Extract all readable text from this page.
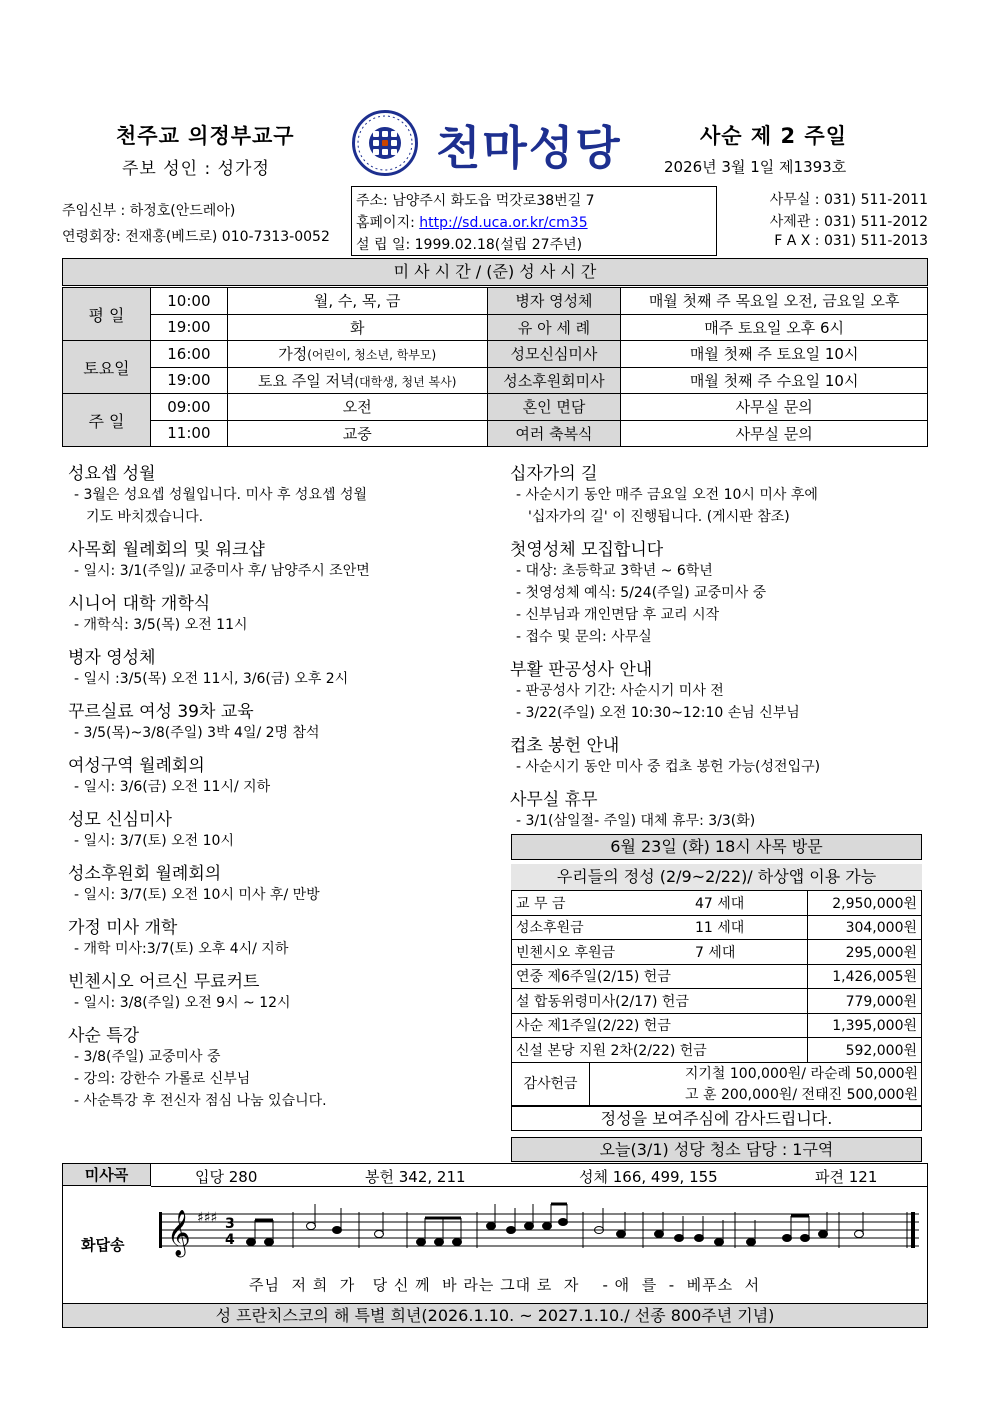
천주교 의정부교구
주보 성인 : 성가정	천마성당	사순 제 2 주일
2026년 3월 1일 제1393호
주임신부 : 하정호(안드레아)
연령회장: 전재홍(베드로) 010-7313-0052
주소: 남양주시 화도읍 먹갓로38번길 7
홈페이지: http://sd.uca.or.kr/cm35
설 립 일: 1999.02.18(설립 27주년)
사무실 : 031) 511-2011
사제관 : 031) 511-2012
F A X : 031) 511-2013
미 사 시 간 / (준) 성 사 시 간
평 일	10:00	월, 수, 목, 금	병자 영성체	매월 첫째 주 목요일 오전, 금요일 오후
	19:00	화	유 아 세 례	매주 토요일 오후 6시
토요일	16:00	가정(어린이, 청소년, 학부모)	성모신심미사	매월 첫째 주 토요일 10시
	19:00	토요 주일 저녁(대학생, 청년 복사)	성소후원회미사	매월 첫째 주 수요일 10시
주 일	09:00	오전	혼인 면담	사무실 문의
	11:00	교중	여러 축복식	사무실 문의
성요셉 성월
- 3월은 성요셉 성월입니다. 미사 후 성요셉 성월
기도 바치겠습니다.
사목회 월례회의 및 워크샵
- 일시: 3/1(주일)/ 교중미사 후/ 남양주시 조안면
시니어 대학 개학식
- 개학식: 3/5(목) 오전 11시
병자 영성체
- 일시 :3/5(목) 오전 11시, 3/6(금) 오후 2시
꾸르실료 여성 39차 교육
- 3/5(목)~3/8(주일) 3박 4일/ 2명 참석
여성구역 월례회의
- 일시: 3/6(금) 오전 11시/ 지하
성모 신심미사
- 일시: 3/7(토) 오전 10시
성소후원회 월례회의
- 일시: 3/7(토) 오전 10시 미사 후/ 만방
가정 미사 개학
- 개학 미사:3/7(토) 오후 4시/ 지하
빈첸시오 어르신 무료커트
- 일시: 3/8(주일) 오전 9시 ~ 12시
사순 특강
- 3/8(주일) 교중미사 중
- 강의: 강한수 가롤로 신부님
- 사순특강 후 전신자 점심 나눔 있습니다.
십자가의 길
- 사순시기 동안 매주 금요일 오전 10시 미사 후에
'십자가의 길' 이 진행됩니다. (게시판 참조)
첫영성체 모집합니다
- 대상: 초등학교 3학년 ~ 6학년
- 첫영성체 예식: 5/24(주일) 교중미사 중
- 신부님과 개인면담 후 교리 시작
- 접수 및 문의: 사무실
부활 판공성사 안내
- 판공성사 기간: 사순시기 미사 전
- 3/22(주일) 오전 10:30~12:10 손님 신부님
컵초 봉헌 안내
- 사순시기 동안 미사 중 컵초 봉헌 가능(성전입구)
사무실 휴무
- 3/1(삼일절- 주일) 대체 휴무: 3/3(화)
6월 23일 (화) 18시 사목 방문
우리들의 정성 (2/9~2/22)/ 하상앱 이용 가능
교 무 금	47 세대	2,950,000원
성소후원금	11 세대	304,000원
빈첸시오 후원금	7 세대	295,000원
연중 제6주일(2/15) 헌금		1,426,005원
설 합동위령미사(2/17) 헌금		779,000원
사순 제1주일(2/22) 헌금		1,395,000원
신설 본당 지원 2차(2/22) 헌금		592,000원
감사헌금
지기철 100,000원/ 라순례 50,000원
고 훈 200,000원/ 전태진 500,000원
정성을 보여주심에 감사드립니다.
오늘(3/1) 성당 청소 담당 : 1구역
미사곡	입당 280	봉헌 342, 211	성체 166, 499, 155	파견 121
화답송 𝄞 ♯♯♯ 3
4
주님  저 희  가   당 신 께  바 라는 그대 로  자    - 애  를  -  베푸소  서
성 프란치스코의 해 특별 희년(2026.1.10. ~ 2027.1.10./ 선종 800주년 기념)
